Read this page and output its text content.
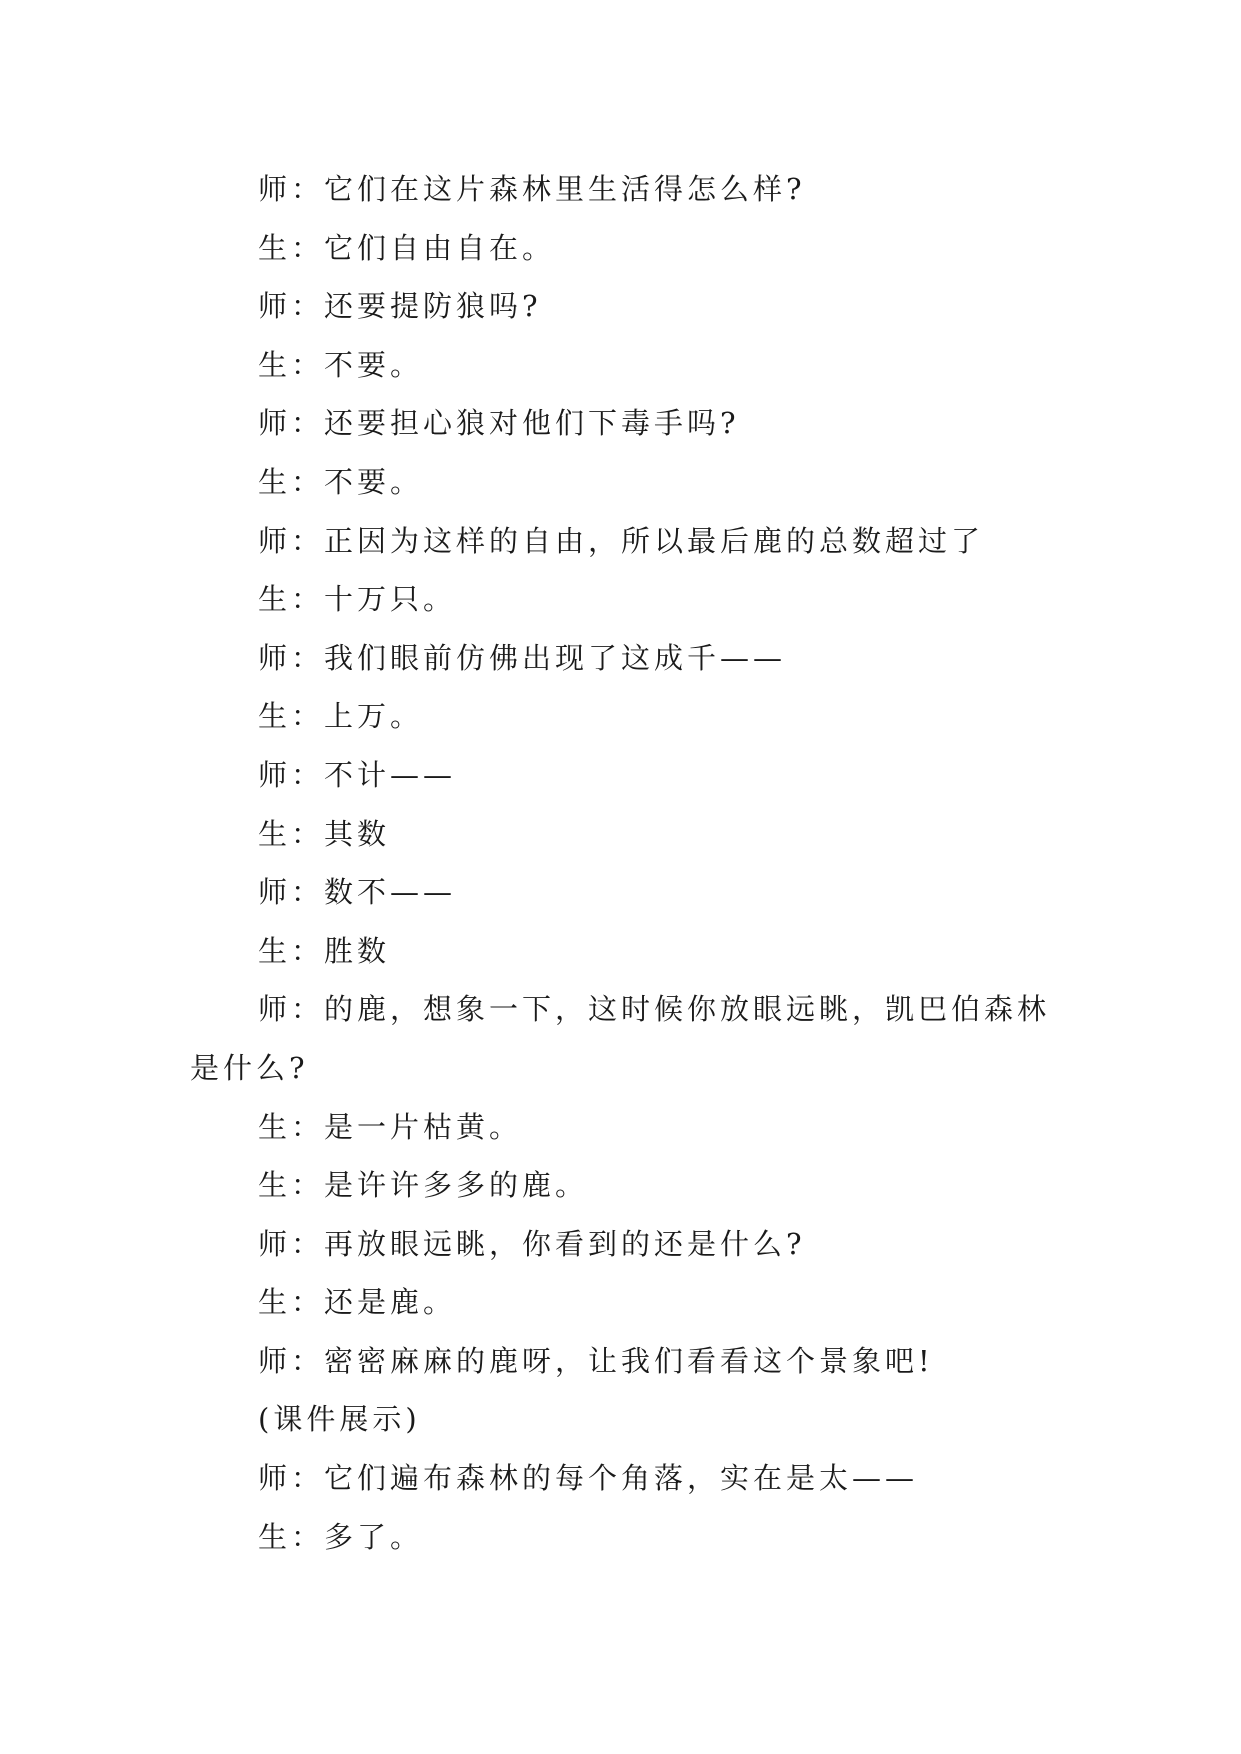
师：它们在这片森林里生活得怎么样?

生：它们自由自在。

师：还要提防狼吗?

生：不要。

师：还要担心狼对他们下毒手吗?

生：不要。

师：正因为这样的自由，所以最后鹿的总数超过了

生：十万只。

师：我们眼前仿佛出现了这成千——

生：上万。

师：不计——

生：其数

师：数不——

生：胜数

师：的鹿，想象一下，这时候你放眼远眺，凯巴伯森林是什么?

生：是一片枯黄。

生：是许许多多的鹿。

师：再放眼远眺，你看到的还是什么?

生：还是鹿。

师：密密麻麻的鹿呀，让我们看看这个景象吧!

(课件展示)

师：它们遍布森林的每个角落，实在是太——

生：多了。
